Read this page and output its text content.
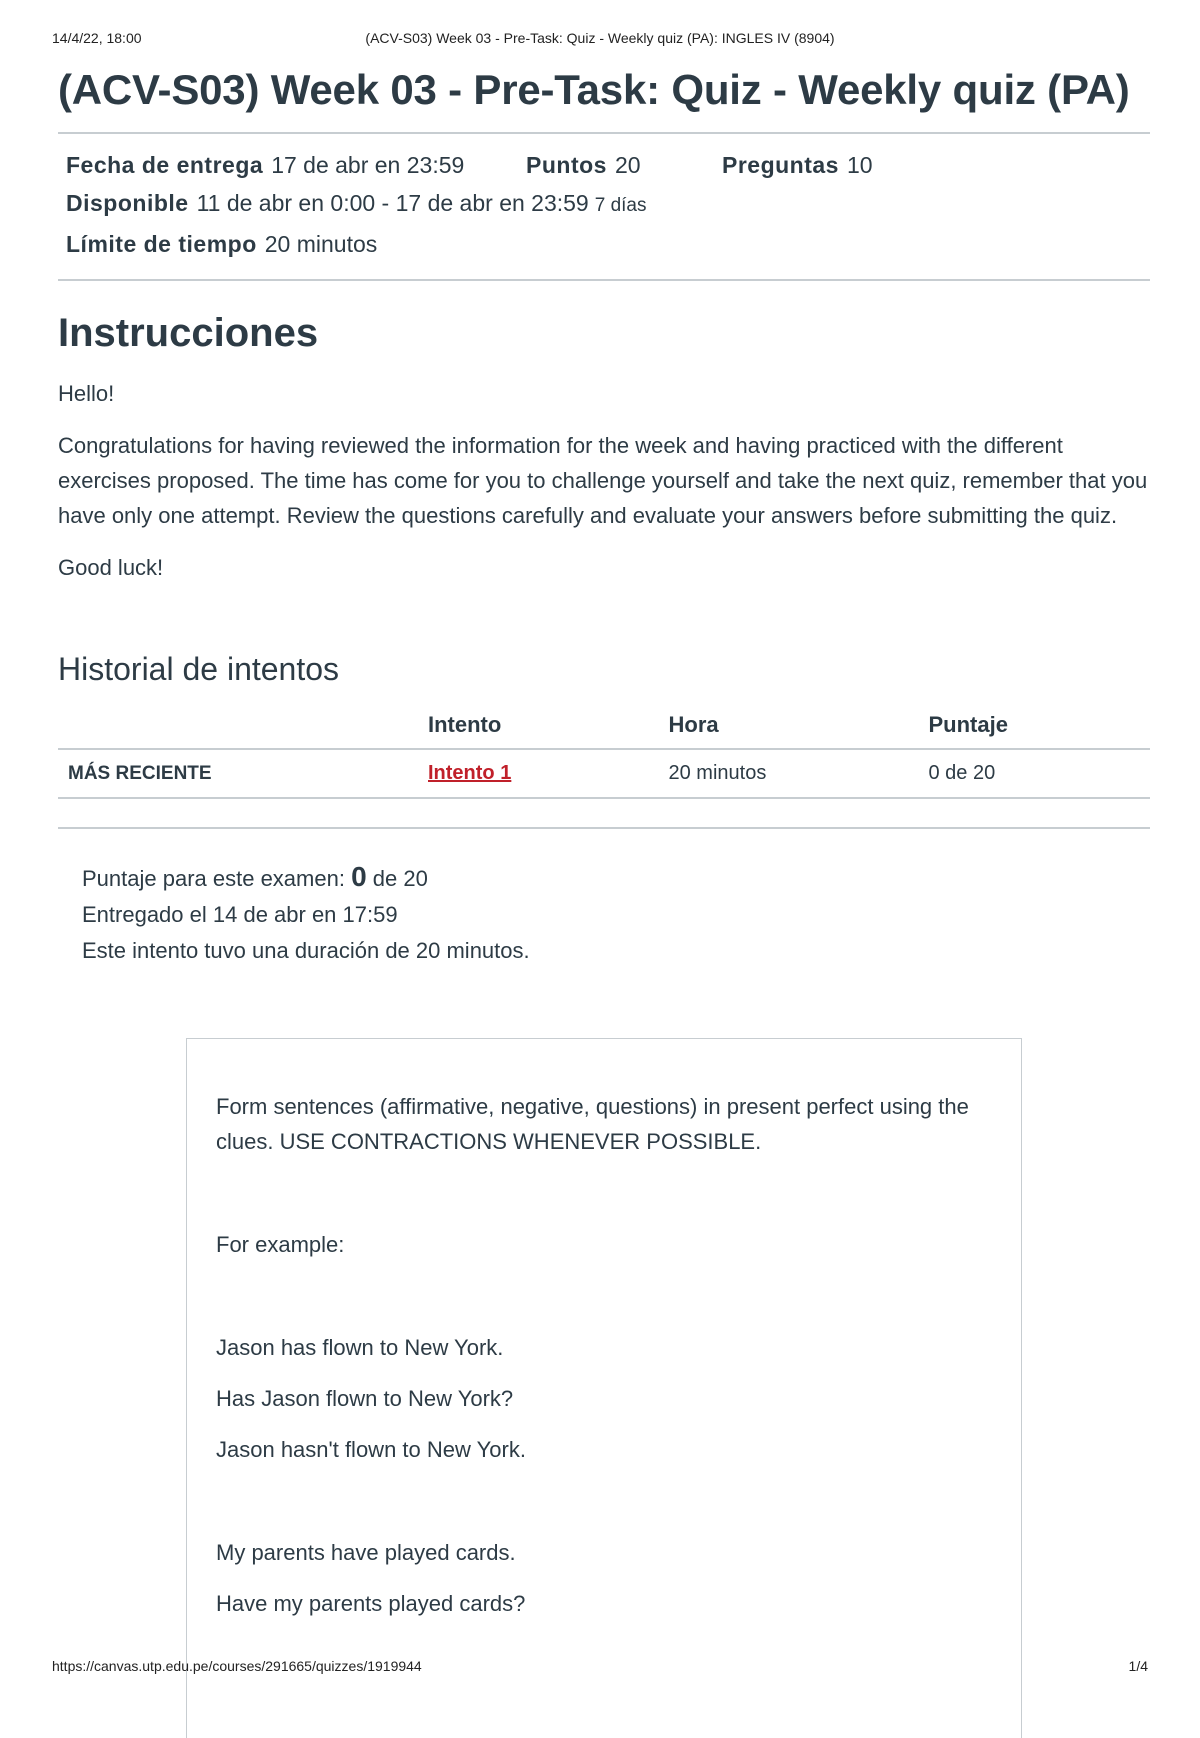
14/4/22, 18:00	(ACV-S03) Week 03 - Pre-Task: Quiz - Weekly quiz (PA): INGLES IV (8904)
(ACV-S03) Week 03 - Pre-Task: Quiz - Weekly quiz (PA)
Fecha de entrega 17 de abr en 23:59	Puntos 20	Preguntas 10
Disponible 11 de abr en 0:00 - 17 de abr en 23:59 7 días
Límite de tiempo 20 minutos
Instrucciones

Hello!

Congratulations for having reviewed the information for the week and having practiced with the different exercises proposed. The time has come for you to challenge yourself and take the next quiz, remember that you have only one attempt. Review the questions carefully and evaluate your answers before submitting the quiz.

Good luck!

Historial de intentos
	Intento	Hora	Puntaje
MÁS RECIENTE	Intento 1	20 minutos	0 de 20
Puntaje para este examen: 0 de 20
Entregado el 14 de abr en 17:59
Este intento tuvo una duración de 20 minutos.

Form sentences (affirmative, negative, questions) in present perfect using the clues. USE CONTRACTIONS WHENEVER POSSIBLE.

For example:

Jason has flown to New York.

Has Jason flown to New York?

Jason hasn't flown to New York.

My parents have played cards.

Have my parents played cards?

https://canvas.utp.edu.pe/courses/291665/quizzes/1919944	1/4
